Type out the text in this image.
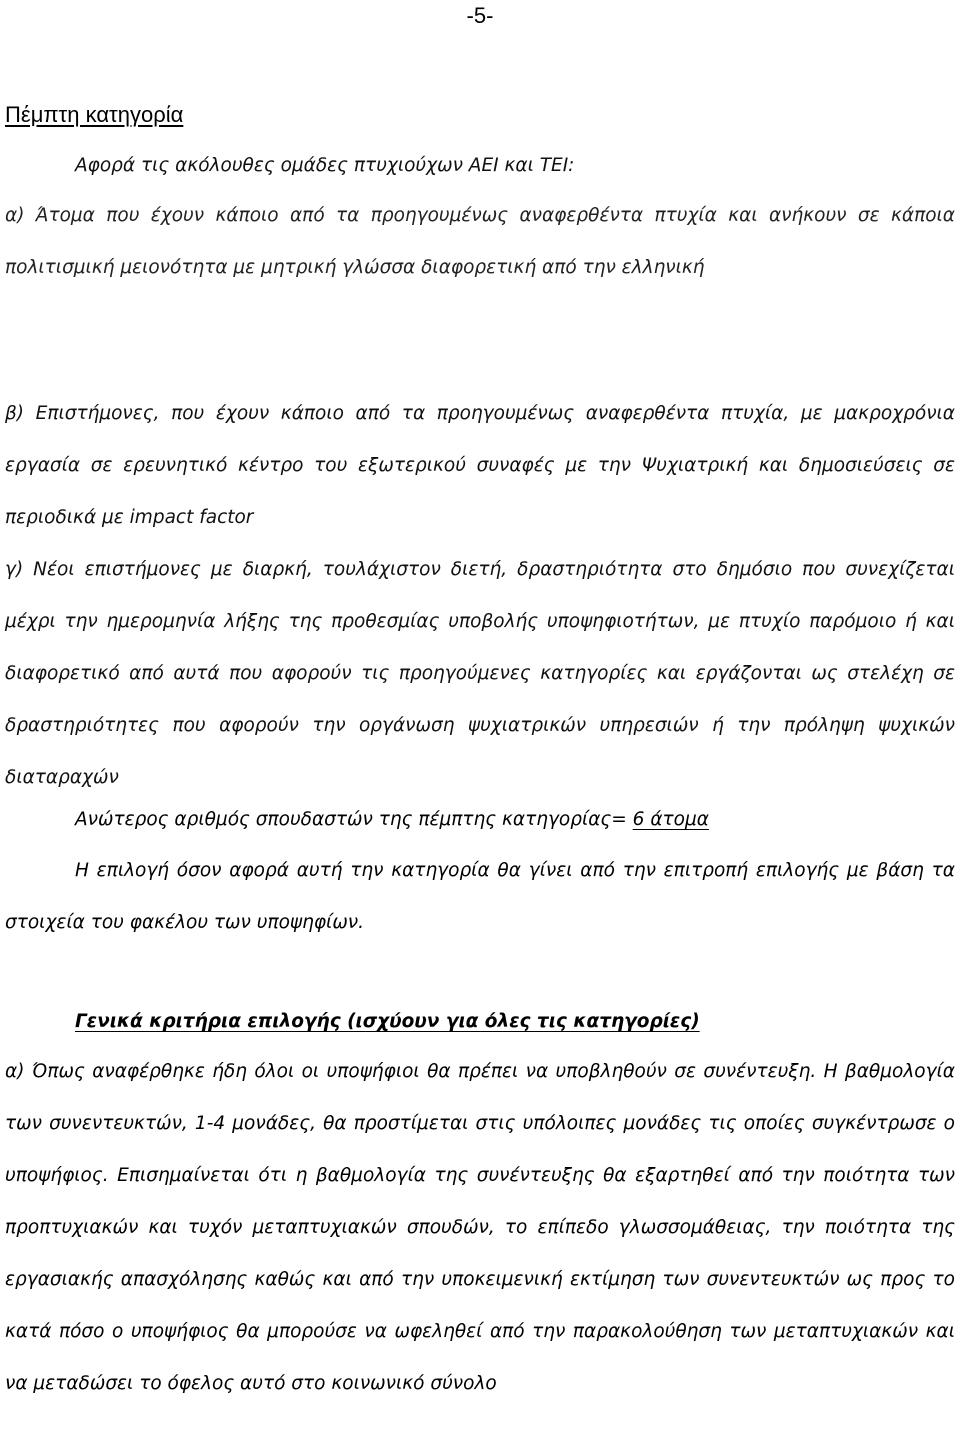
-5-
Πέμπτη κατηγορία

Αφορά τις ακόλουθες ομάδες πτυχιούχων ΑΕΙ και ΤΕΙ:

α) Άτομα που έχουν κάποιο από τα προηγουμένως αναφερθέντα πτυχία και ανήκουν σε κάποια πολιτισμική μειονότητα με μητρική γλώσσα διαφορετική από την ελληνική

β) Επιστήμονες, που έχουν κάποιο από τα προηγουμένως αναφερθέντα πτυχία, με μακροχρόνια εργασία σε ερευνητικό κέντρο του εξωτερικού συναφές με την Ψυχιατρική και δημοσιεύσεις σε περιοδικά με impact factor

γ) Νέοι επιστήμονες με διαρκή, τουλάχιστον διετή, δραστηριότητα στο δημόσιο που συνεχίζεται μέχρι την ημερομηνία λήξης της προθεσμίας υποβολής υποψηφιοτήτων, με πτυχίο παρόμοιο ή και διαφορετικό από αυτά που αφορούν τις προηγούμενες κατηγορίες και εργάζονται ως στελέχη σε δραστηριότητες που αφορούν την οργάνωση ψυχιατρικών υπηρεσιών ή την πρόληψη ψυχικών διαταραχών

Ανώτερος αριθμός σπουδαστών της πέμπτης κατηγορίας= 6 άτομα

Η επιλογή όσον αφορά αυτή την κατηγορία θα γίνει από την επιτροπή επιλογής με βάση τα στοιχεία του φακέλου των υποψηφίων.

Γενικά κριτήρια επιλογής (ισχύουν για όλες τις κατηγορίες)

α) Όπως αναφέρθηκε ήδη όλοι οι υποψήφιοι θα πρέπει να υποβληθούν σε συνέντευξη. Η βαθμολογία των συνεντευκτών, 1-4 μονάδες, θα προστίμεται στις υπόλοιπες μονάδες τις οποίες συγκέντρωσε ο υποψήφιος. Επισημαίνεται ότι η βαθμολογία της συνέντευξης θα εξαρτηθεί από την ποιότητα των προπτυχιακών και τυχόν μεταπτυχιακών σπουδών, το επίπεδο γλωσσομάθειας, την ποιότητα της εργασιακής απασχόλησης καθώς και από την υποκειμενική εκτίμηση των συνεντευκτών ως προς το κατά πόσο ο υποψήφιος θα μπορούσε να ωφεληθεί από την παρακολούθηση των μεταπτυχιακών και να μεταδώσει το όφελος αυτό στο κοινωνικό σύνολο
